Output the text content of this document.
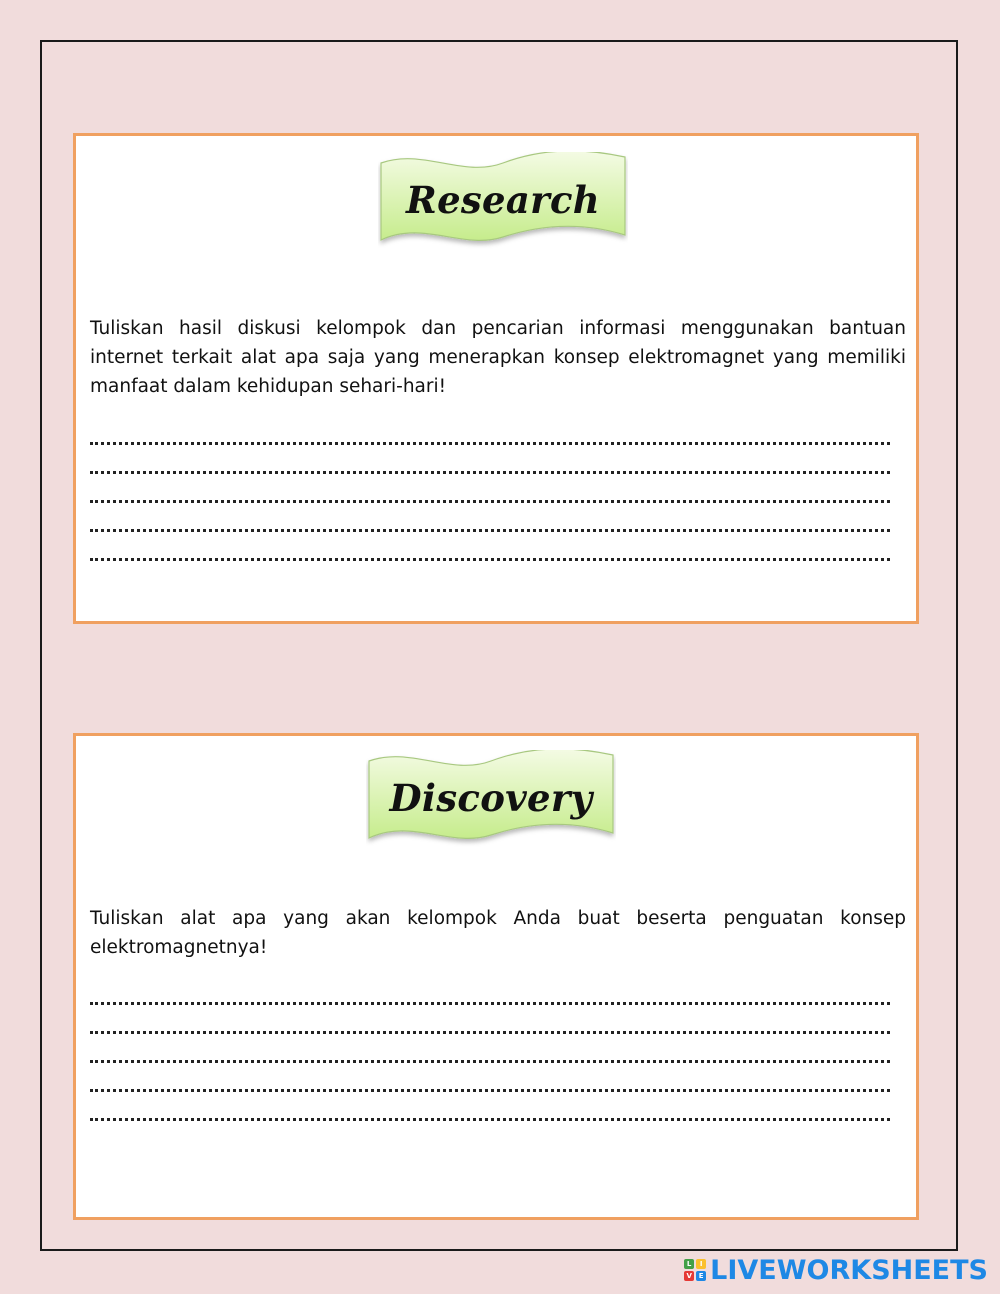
Research

Tuliskan hasil diskusi kelompok dan pencarian informasi menggunakan bantuan internet terkait alat apa saja yang menerapkan konsep elektromagnet yang memiliki manfaat dalam kehidupan sehari-hari!

Discovery

Tuliskan alat apa yang akan kelompok Anda buat beserta penguatan konsep elektromagnetnya!

L	I
V E LIVEWORKSHEETS
